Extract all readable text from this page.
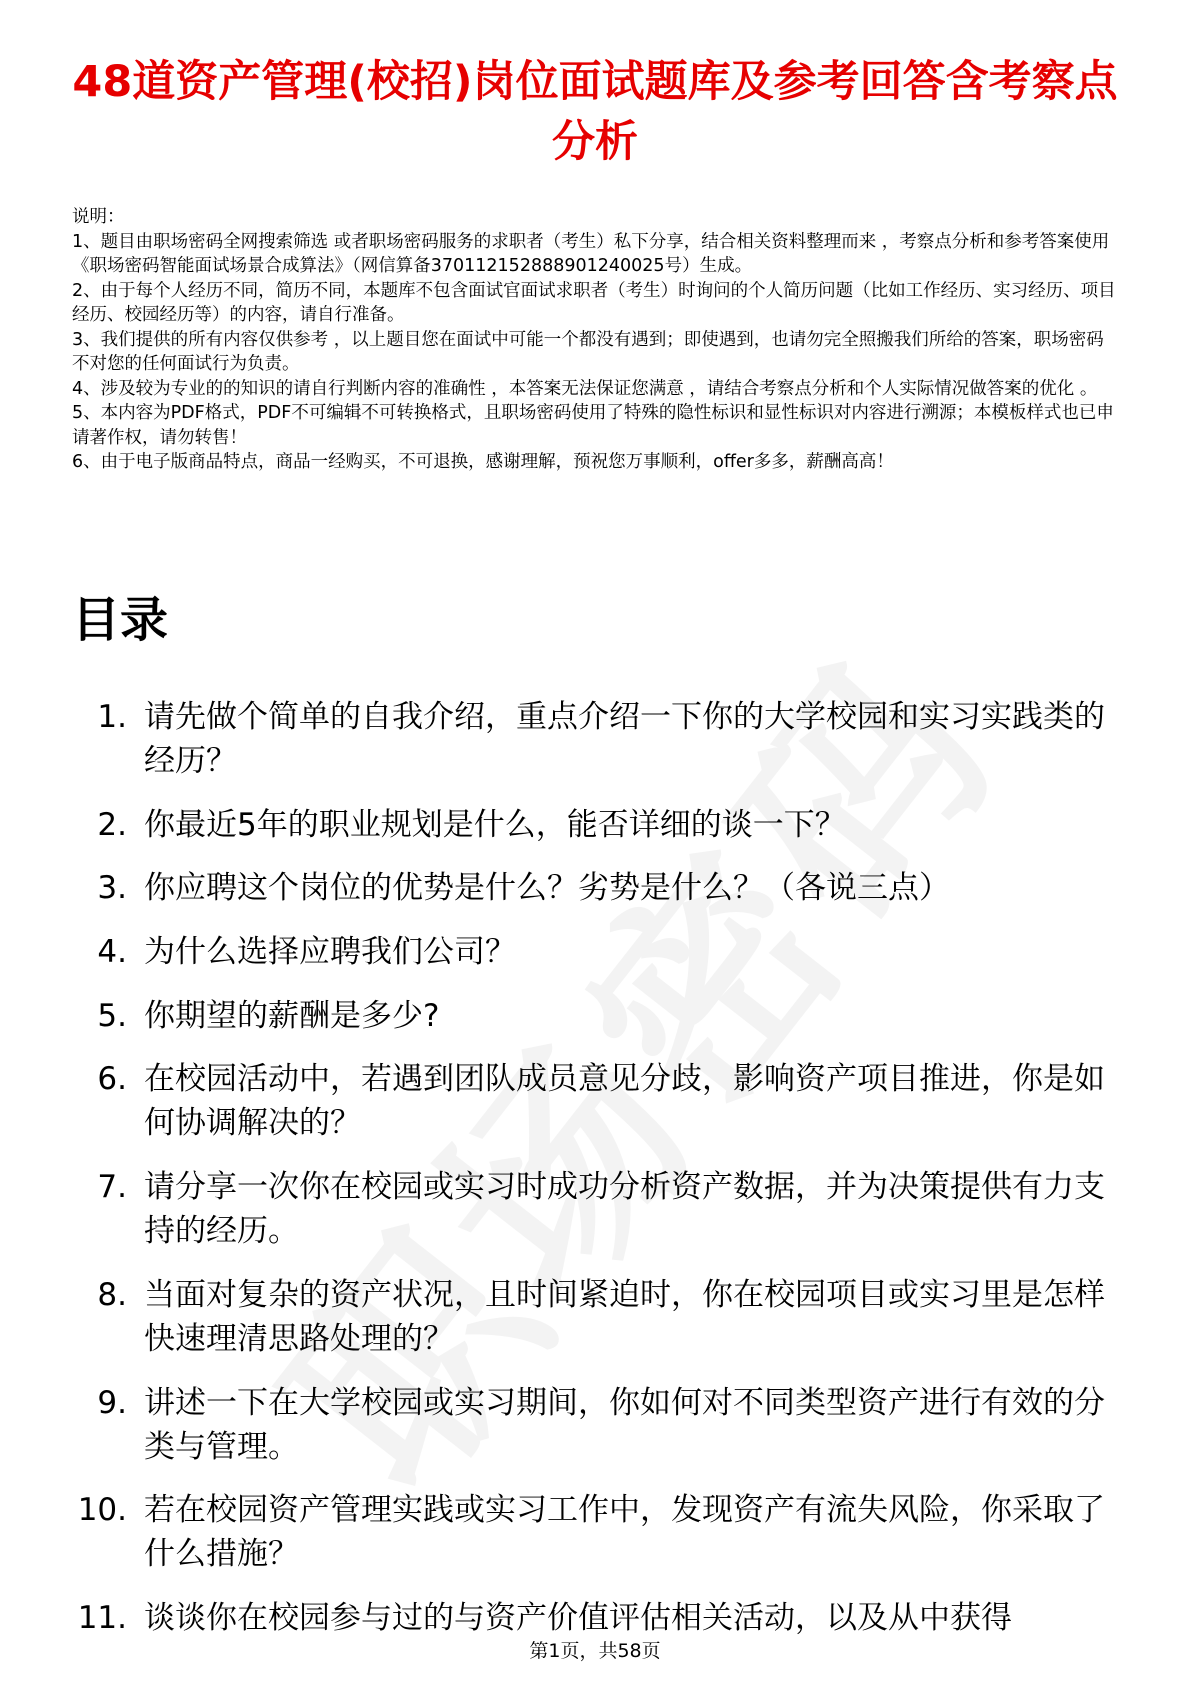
48道资产管理(校招)岗位面试题库及参考回答含考察点分析

说明：

1、题目由职场密码全网搜索筛选 或者职场密码服务的求职者（考生）私下分享，结合相关资料整理而来 ，考察点分析和参考答案使用《职场密码智能面试场景合成算法》（网信算备370112152888901240025号）生成。

2、由于每个人经历不同，简历不同，本题库不包含面试官面试求职者（考生）时询问的个人简历问题（比如工作经历、实习经历、项目经历、校园经历等）的内容，请自行准备。

3、我们提供的所有内容仅供参考 ，以上题目您在面试中可能一个都没有遇到；即使遇到，也请勿完全照搬我们所给的答案，职场密码不对您的任何面试行为负责。

4、涉及较为专业的的知识的请自行判断内容的准确性 ，本答案无法保证您满意 ，请结合考察点分析和个人实际情况做答案的优化 。

5、本内容为PDF格式，PDF不可编辑不可转换格式，且职场密码使用了特殊的隐性标识和显性标识对内容进行溯源；本模板样式也已申请著作权，请勿转售！

6、由于电子版商品特点，商品一经购买，不可退换，感谢理解，预祝您万事顺利，offer多多，薪酬高高！

目录
1. 请先做个简单的自我介绍，重点介绍一下你的大学校园和实习实践类的经历？
2. 你最近5年的职业规划是什么，能否详细的谈一下？
3. 你应聘这个岗位的优势是什么？劣势是什么？（各说三点）
4. 为什么选择应聘我们公司？
5. 你期望的薪酬是多少?
6. 在校园活动中，若遇到团队成员意见分歧，影响资产项目推进，你是如何协调解决的？
7. 请分享一次你在校园或实习时成功分析资产数据，并为决策提供有力支持的经历。
8. 当面对复杂的资产状况，且时间紧迫时，你在校园项目或实习里是怎样快速理清思路处理的？
9. 讲述一下在大学校园或实习期间，你如何对不同类型资产进行有效的分类与管理。
10. 若在校园资产管理实践或实习工作中，发现资产有流失风险，你采取了什么措施？
11. 谈谈你在校园参与过的与资产价值评估相关活动，以及从中获得
第1页，共58页
